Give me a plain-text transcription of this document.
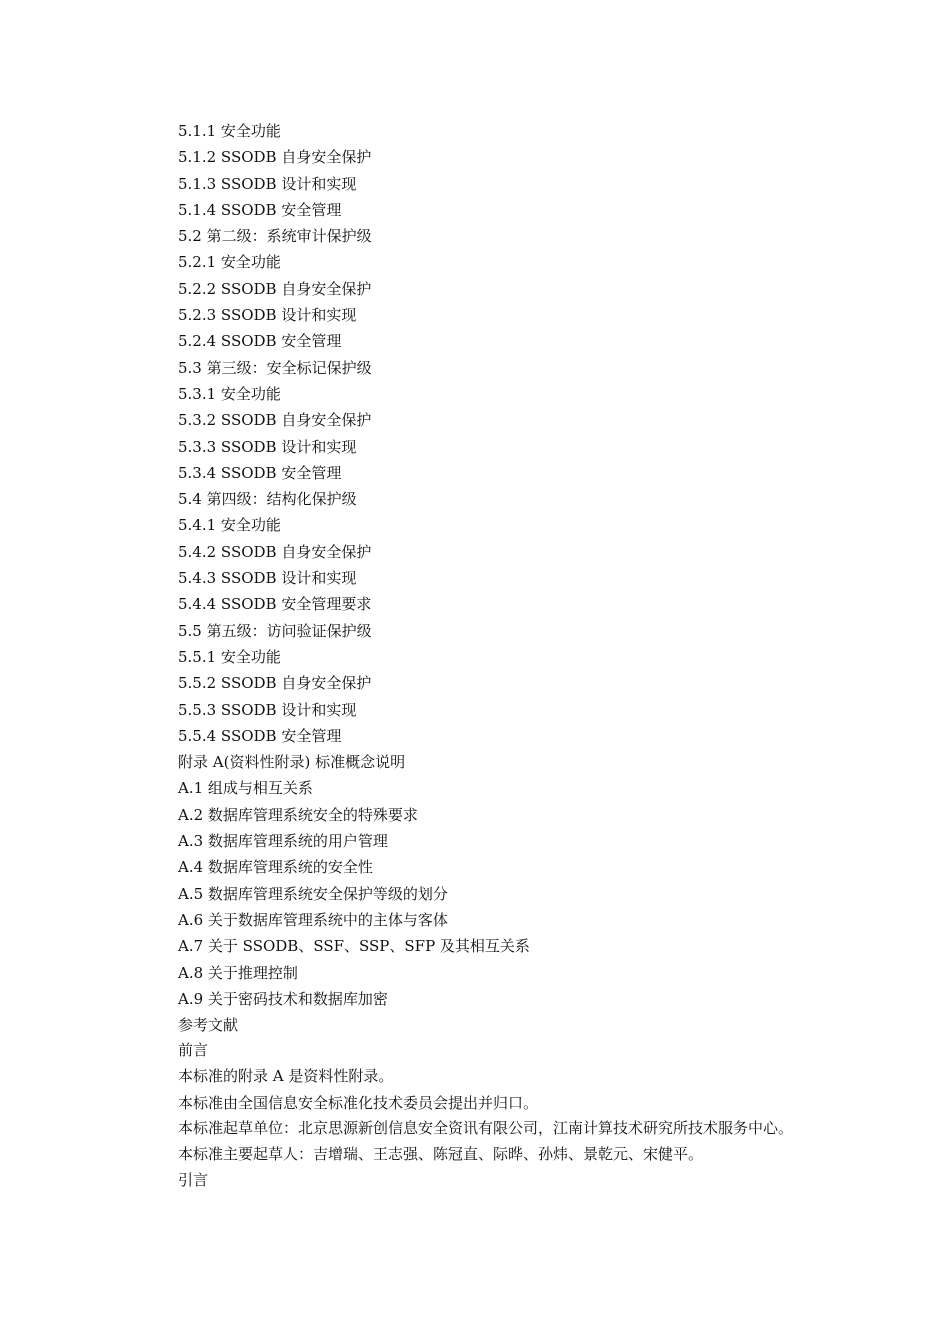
5.1.1 安全功能
5.1.2 SSODB 自身安全保护
5.1.3 SSODB 设计和实现
5.1.4 SSODB 安全管理
5.2 第二级：系统审计保护级
5.2.1 安全功能
5.2.2 SSODB 自身安全保护
5.2.3 SSODB 设计和实现
5.2.4 SSODB 安全管理
5.3 第三级：安全标记保护级
5.3.1 安全功能
5.3.2 SSODB 自身安全保护
5.3.3 SSODB 设计和实现
5.3.4 SSODB 安全管理
5.4 第四级：结构化保护级
5.4.1 安全功能
5.4.2 SSODB 自身安全保护
5.4.3 SSODB 设计和实现
5.4.4 SSODB 安全管理要求
5.5 第五级：访问验证保护级
5.5.1 安全功能
5.5.2 SSODB 自身安全保护
5.5.3 SSODB 设计和实现
5.5.4 SSODB 安全管理
附录 A(资料性附录) 标准概念说明
A.1 组成与相互关系
A.2 数据库管理系统安全的特殊要求
A.3 数据库管理系统的用户管理
A.4 数据库管理系统的安全性
A.5 数据库管理系统安全保护等级的划分
A.6 关于数据库管理系统中的主体与客体
A.7 关于 SSODB、SSF、SSP、SFP 及其相互关系
A.8 关于推理控制
A.9 关于密码技术和数据库加密
参考文献

前言

本标准的附录 A 是资料性附录。

本标准由全国信息安全标准化技术委员会提出并归口。

本标准起草单位：北京思源新创信息安全资讯有限公司，江南计算技术研究所技术服务中心。

本标准主要起草人：吉增瑞、王志强、陈冠直、际晔、孙炜、景乾元、宋健平。

引言
